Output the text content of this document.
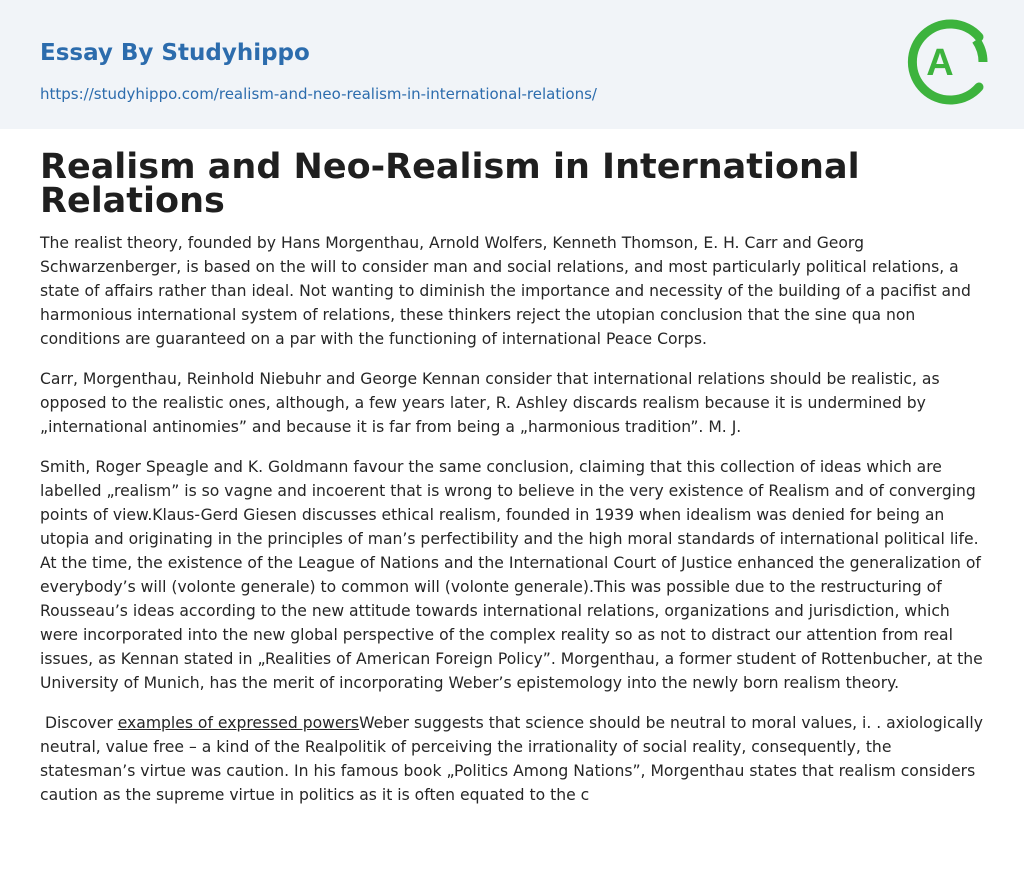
Essay By Studyhippo
https://studyhippo.com/realism-and-neo-realism-in-international-relations/
A
Realism and Neo-Realism in International Relations

The realist theory, founded by Hans Morgenthau, Arnold Wolfers, Kenneth Thomson, E. H. Carr and Georg Schwarzenberger, is based on the will to consider man and social relations, and most particularly political relations, a state of affairs rather than ideal. Not wanting to diminish the importance and necessity of the building of a pacifist and harmonious international system of relations, these thinkers reject the utopian conclusion that the sine qua non conditions are guaranteed on a par with the functioning of international Peace Corps.

Carr, Morgenthau, Reinhold Niebuhr and George Kennan consider that international relations should be realistic, as opposed to the realistic ones, although, a few years later, R. Ashley discards realism because it is undermined by „international antinomies” and because it is far from being a „harmonious tradition”. M. J.

Smith, Roger Speagle and K. Goldmann favour the same conclusion, claiming that this collection of ideas which are labelled „realism” is so vagne and incoerent that is wrong to believe in the very existence of Realism and of converging points of view.Klaus-Gerd Giesen discusses ethical realism, founded in 1939 when idealism was denied for being an utopia and originating in the principles of man’s perfectibility and the high moral standards of international political life. At the time, the existence of the League of Nations and the International Court of Justice enhanced the generalization of everybody’s will (volonte generale) to common will (volonte generale).This was possible due to the restructuring of Rousseau’s ideas according to the new attitude towards international relations, organizations and jurisdiction, which were incorporated into the new global perspective of the complex reality so as not to distract our attention from real issues, as Kennan stated in „Realities of American Foreign Policy”. Morgenthau, a former student of Rottenbucher, at the University of Munich, has the merit of incorporating Weber’s epistemology into the newly born realism theory.

Discover examples of expressed powersWeber suggests that science should be neutral to moral values, i. . axiologically neutral, value free – a kind of the Realpolitik of perceiving the irrationality of social reality, consequently, the statesman’s virtue was caution. In his famous book „Politics Among Nations”, Morgenthau states that realism considers caution as the supreme virtue in politics as it is often equated to the c
